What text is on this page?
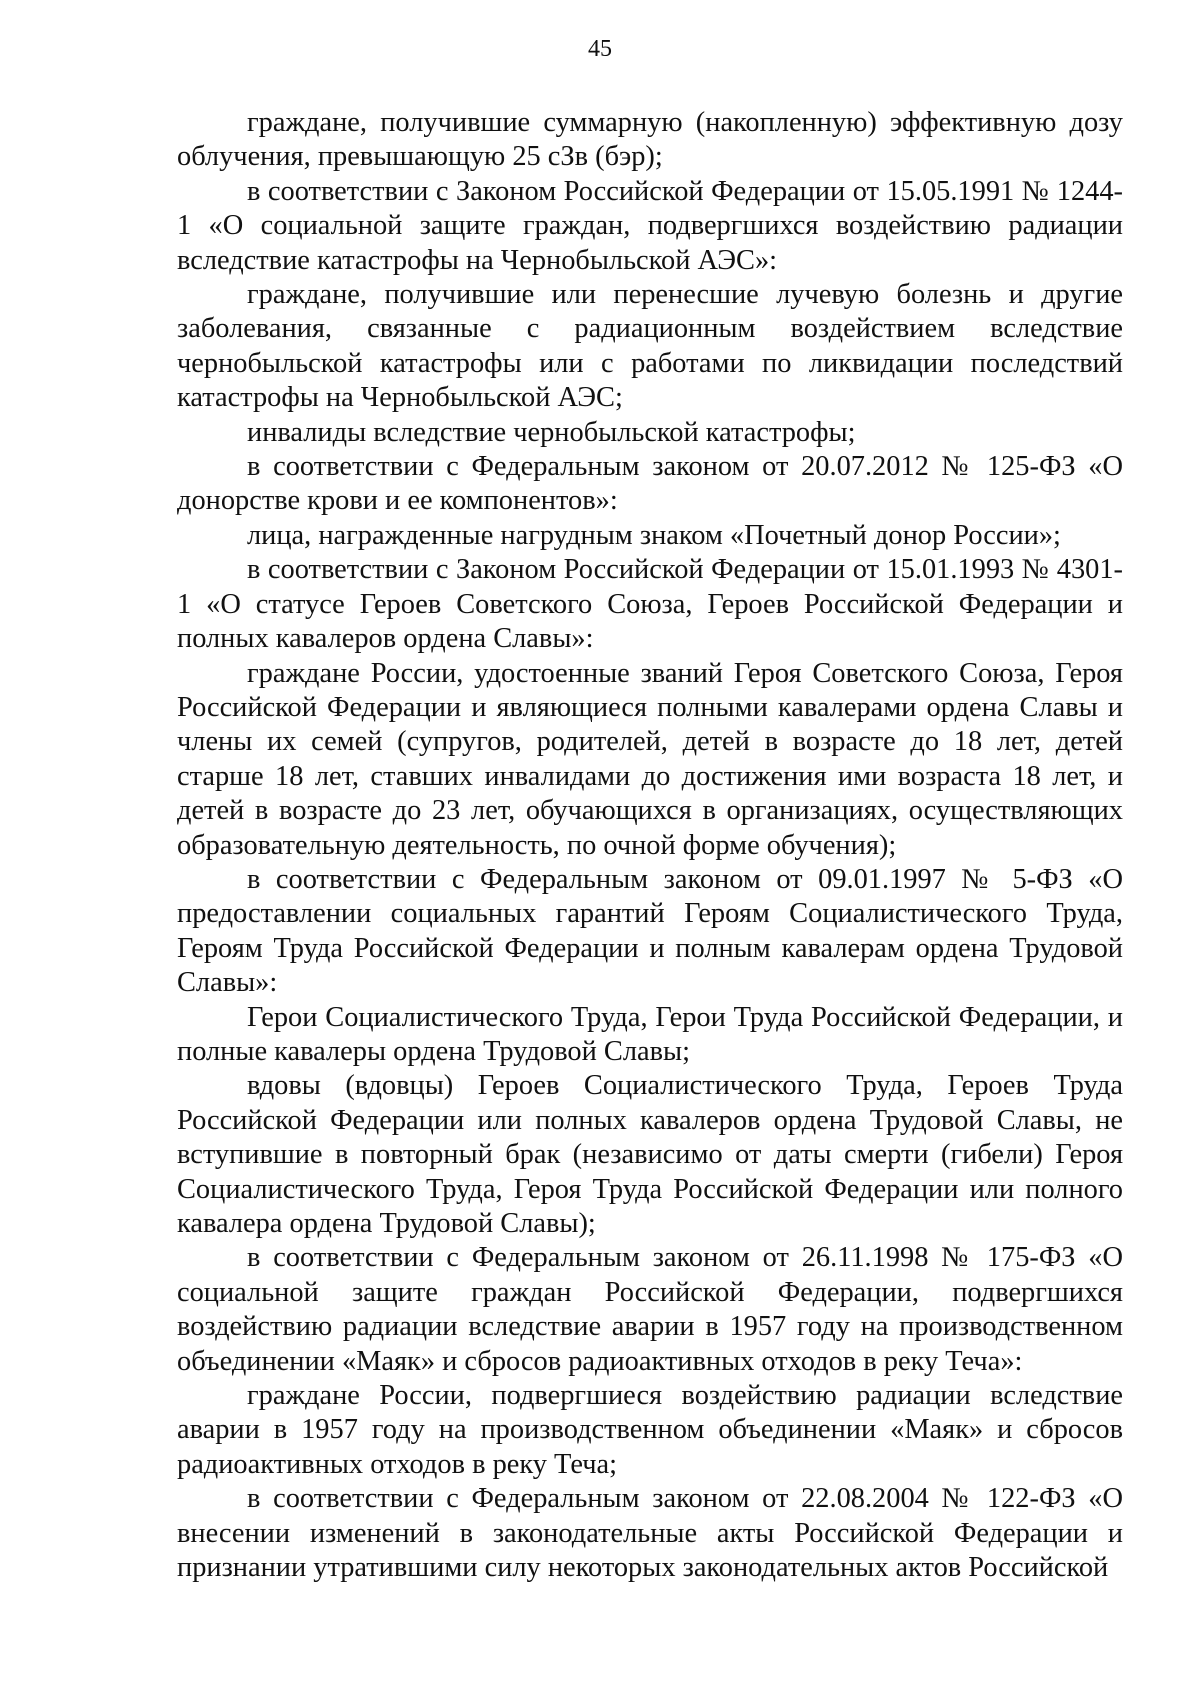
45

граждане, получившие суммарную (накопленную) эффективную дозу облучения, превышающую 25 сЗв (бэр);

в соответствии с Законом Российской Федерации от 15.05.1991 № 1244-1 «О социальной защите граждан, подвергшихся воздействию радиации вследствие катастрофы на Чернобыльской АЭС»:

граждане, получившие или перенесшие лучевую болезнь и другие заболевания, связанные с радиационным воздействием вследствие чернобыльской катастрофы или с работами по ликвидации последствий катастрофы на Чернобыльской АЭС;

инвалиды вследствие чернобыльской катастрофы;

в соответствии с Федеральным законом от 20.07.2012 № 125-ФЗ «О донорстве крови и ее компонентов»:

лица, награжденные нагрудным знаком «Почетный донор России»;

в соответствии с Законом Российской Федерации от 15.01.1993 № 4301-1 «О статусе Героев Советского Союза, Героев Российской Федерации и полных кавалеров ордена Славы»:

граждане России, удостоенные званий Героя Советского Союза, Героя Российской Федерации и являющиеся полными кавалерами ордена Славы и члены их семей (супругов, родителей, детей в возрасте до 18 лет, детей старше 18 лет, ставших инвалидами до достижения ими возраста 18 лет, и детей в возрасте до 23 лет, обучающихся в организациях, осуществляющих образовательную деятельность, по очной форме обучения);

в соответствии с Федеральным законом от 09.01.1997 № 5-ФЗ «О предоставлении социальных гарантий Героям Социалистического Труда, Героям Труда Российской Федерации и полным кавалерам ордена Трудовой Славы»:

Герои Социалистического Труда, Герои Труда Российской Федерации, и полные кавалеры ордена Трудовой Славы;

вдовы (вдовцы) Героев Социалистического Труда, Героев Труда Российской Федерации или полных кавалеров ордена Трудовой Славы, не вступившие в повторный брак (независимо от даты смерти (гибели) Героя Социалистического Труда, Героя Труда Российской Федерации или полного кавалера ордена Трудовой Славы);

в соответствии с Федеральным законом от 26.11.1998 № 175-ФЗ «О социальной защите граждан Российской Федерации, подвергшихся воздействию радиации вследствие аварии в 1957 году на производственном объединении «Маяк» и сбросов радиоактивных отходов в реку Теча»:

граждане России, подвергшиеся воздействию радиации вследствие аварии в 1957 году на производственном объединении «Маяк» и сбросов радиоактивных отходов в реку Теча;

в соответствии с Федеральным законом от 22.08.2004 № 122-ФЗ «О внесении изменений в законодательные акты Российской Федерации и признании утратившими силу некоторых законодательных актов Российской
